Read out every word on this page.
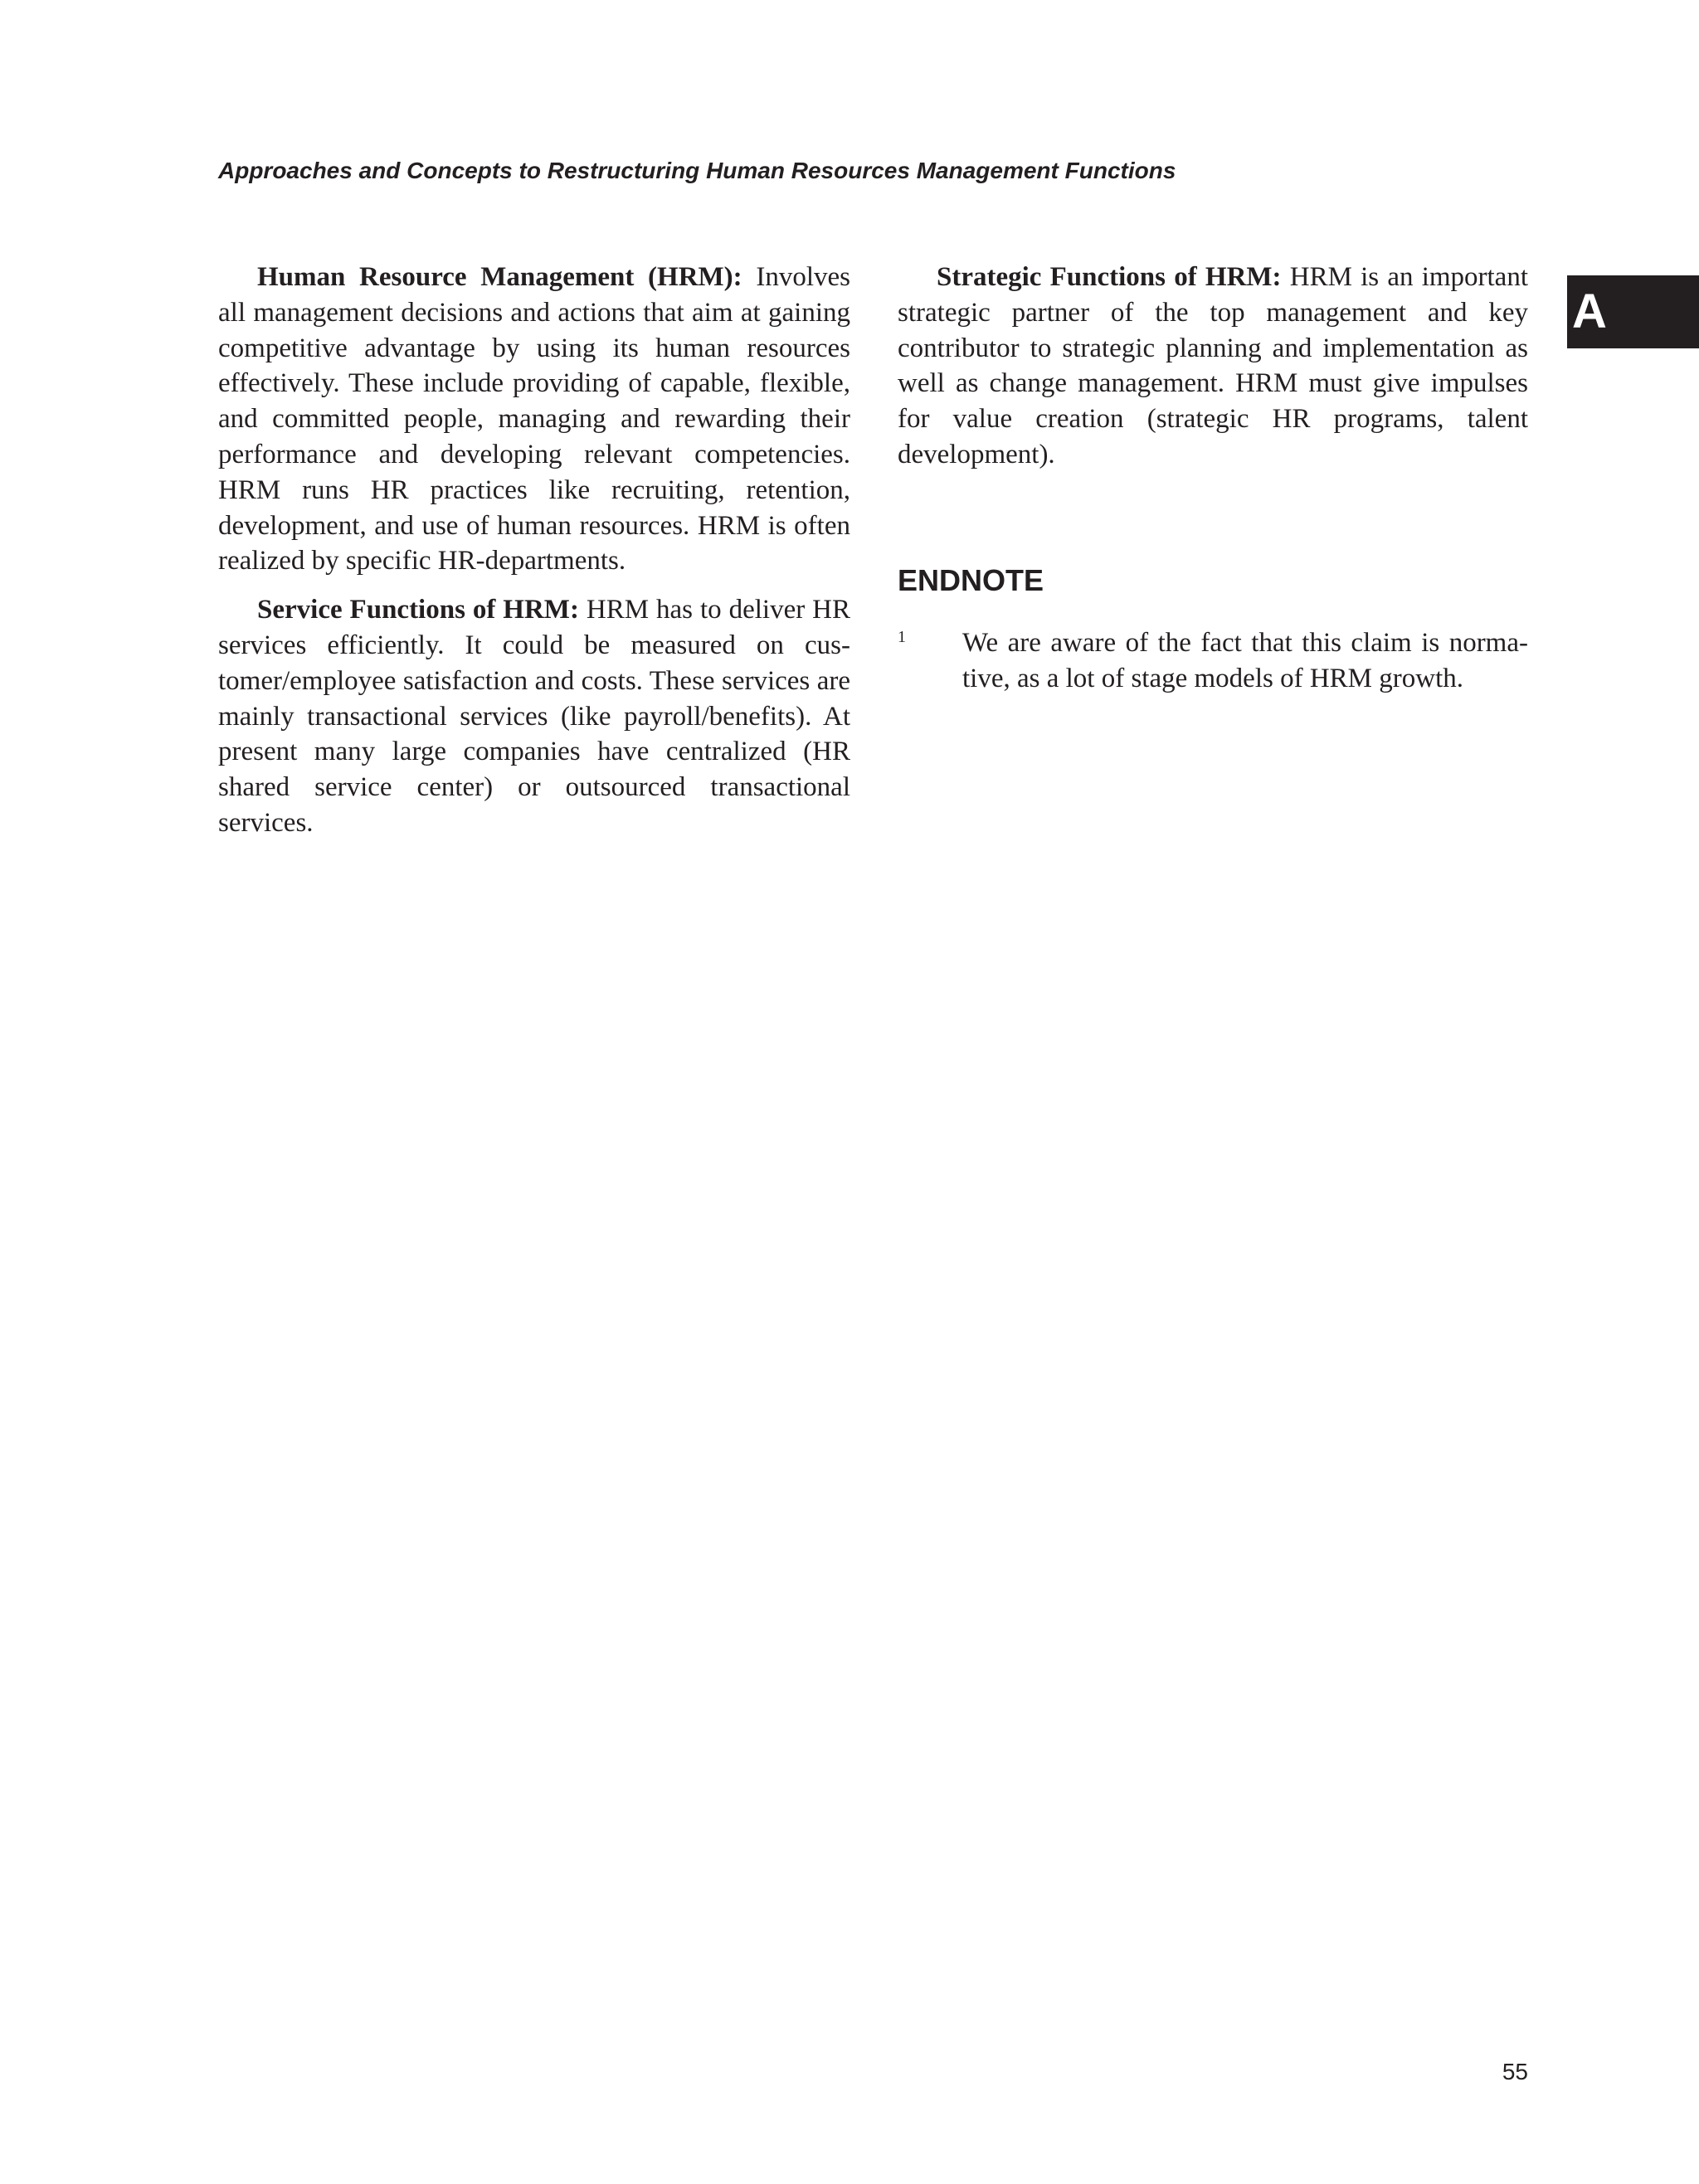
Approaches and Concepts to Restructuring Human Resources Management Functions
A

Human Resource Management (HRM): Involves all management decisions and actions that aim at gaining competitive advantage by using its human resources effectively. These include providing of capable, flexible, and committed people, managing and rewarding their performance and developing relevant competencies. HRM runs HR practices like recruiting, retention, development, and use of human resources. HRM is often realized by specific HR-departments.

Service Functions of HRM: HRM has to deliver HR services efficiently. It could be measured on customer/employee satisfaction and costs. These services are mainly transactional services (like payroll/benefits). At present many large companies have centralized (HR shared service center) or outsourced transactional services.

Strategic Functions of HRM: HRM is an important strategic partner of the top management and key contributor to strategic planning and implementation as well as change management. HRM must give impulses for value creation (strategic HR programs, talent development).

ENDNOTE
1 We are aware of the fact that this claim is normative, as a lot of stage models of HRM growth.

55
